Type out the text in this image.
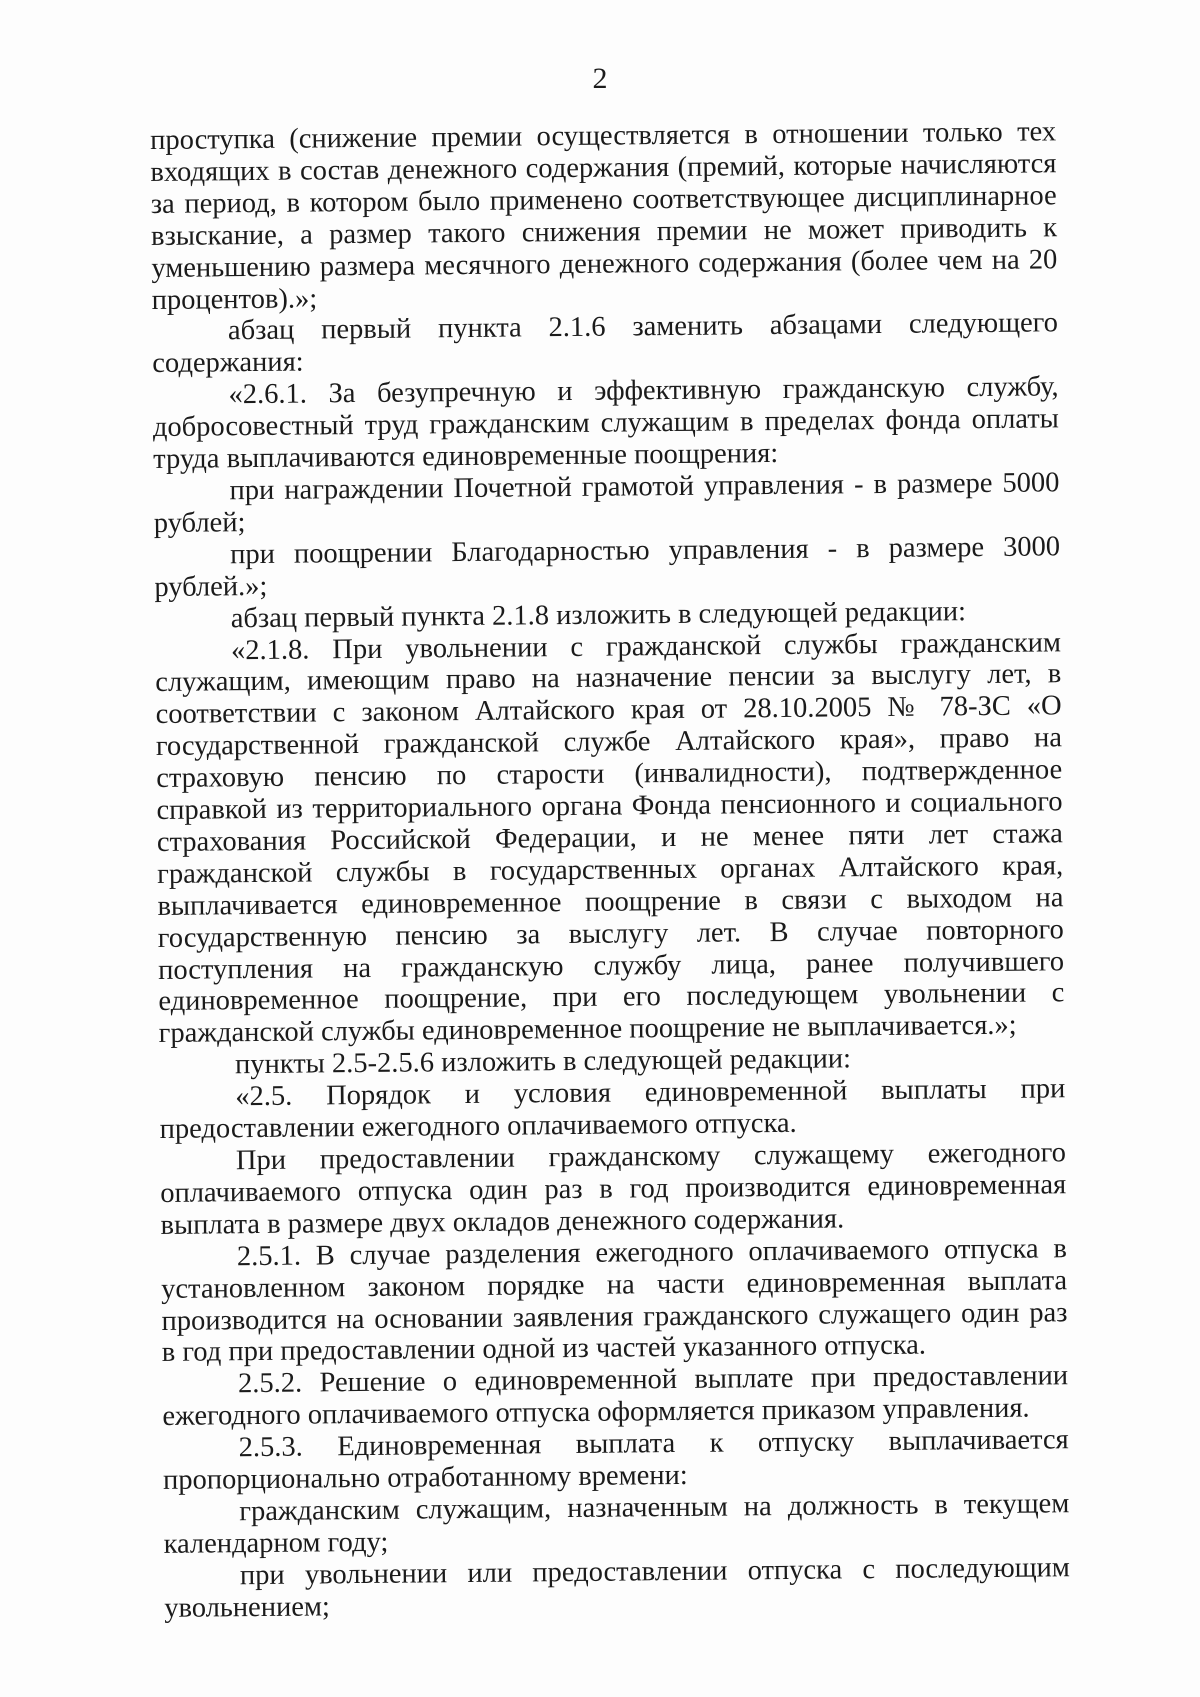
2

проступка (снижение премии осуществляется в отношении только тех входящих в состав денежного содержания (премий, которые начисляются за период, в котором было применено соответствующее дисциплинарное взыскание, а размер такого снижения премии не может приводить к уменьшению размера месячного денежного содержания (более чем на 20 процентов).»;

абзац первый пункта 2.1.6 заменить абзацами следующего содержания:

«2.6.1. За безупречную и эффективную гражданскую службу, добросовестный труд гражданским служащим в пределах фонда оплаты труда выплачиваются единовременные поощрения:

при награждении Почетной грамотой управления - в размере 5000 рублей;

при поощрении Благодарностью управления - в размере 3000 рублей.»;

абзац первый пункта 2.1.8 изложить в следующей редакции:

«2.1.8. При увольнении с гражданской службы гражданским служащим, имеющим право на назначение пенсии за выслугу лет, в соответствии с законом Алтайского края от 28.10.2005 № 78-ЗС «О государственной гражданской службе Алтайского края», право на страховую пенсию по старости (инвалидности), подтвержденное справкой из территориального органа Фонда пенсионного и социального страхования Российской Федерации, и не менее пяти лет стажа гражданской службы в государственных органах Алтайского края, выплачивается единовременное поощрение в связи с выходом на государственную пенсию за выслугу лет. В случае повторного поступления на гражданскую службу лица, ранее получившего единовременное поощрение, при его последующем увольнении с гражданской службы единовременное поощрение не выплачивается.»;

пункты 2.5-2.5.6 изложить в следующей редакции:

«2.5. Порядок и условия единовременной выплаты при предоставлении ежегодного оплачиваемого отпуска.

При предоставлении гражданскому служащему ежегодного оплачиваемого отпуска один раз в год производится единовременная выплата в размере двух окладов денежного содержания.

2.5.1. В случае разделения ежегодного оплачиваемого отпуска в установленном законом порядке на части единовременная выплата производится на основании заявления гражданского служащего один раз в год при предоставлении одной из частей указанного отпуска.

2.5.2. Решение о единовременной выплате при предоставлении ежегодного оплачиваемого отпуска оформляется приказом управления.

2.5.3. Единовременная выплата к отпуску выплачивается пропорционально отработанному времени:

гражданским служащим, назначенным на должность в текущем календарном году;

при увольнении или предоставлении отпуска с последующим увольнением;
